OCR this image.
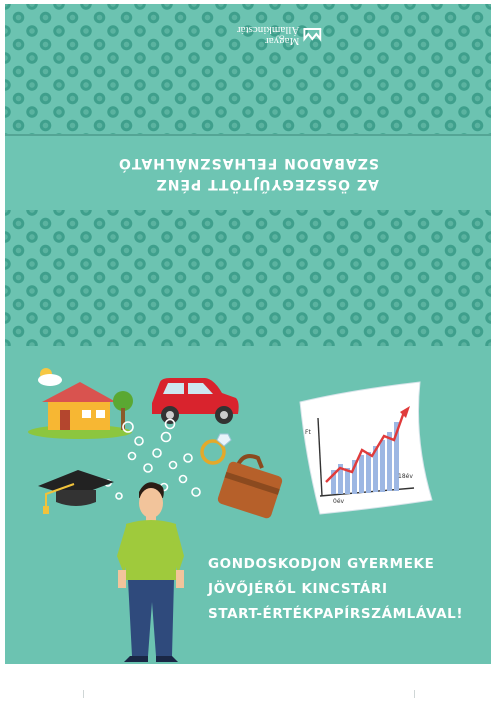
Magyar
Államkincstár
AZ ÖSSZEGYŰJTÖTT PÉNZ
SZABADON FELHASZNÁLHATÓ
Ft
0év
18év
GONDOSKODJON GYERMEKE
JÖVŐJÉRŐL KINCSTÁRI
START-ÉRTÉKPAPÍRSZÁMLÁVAL!
